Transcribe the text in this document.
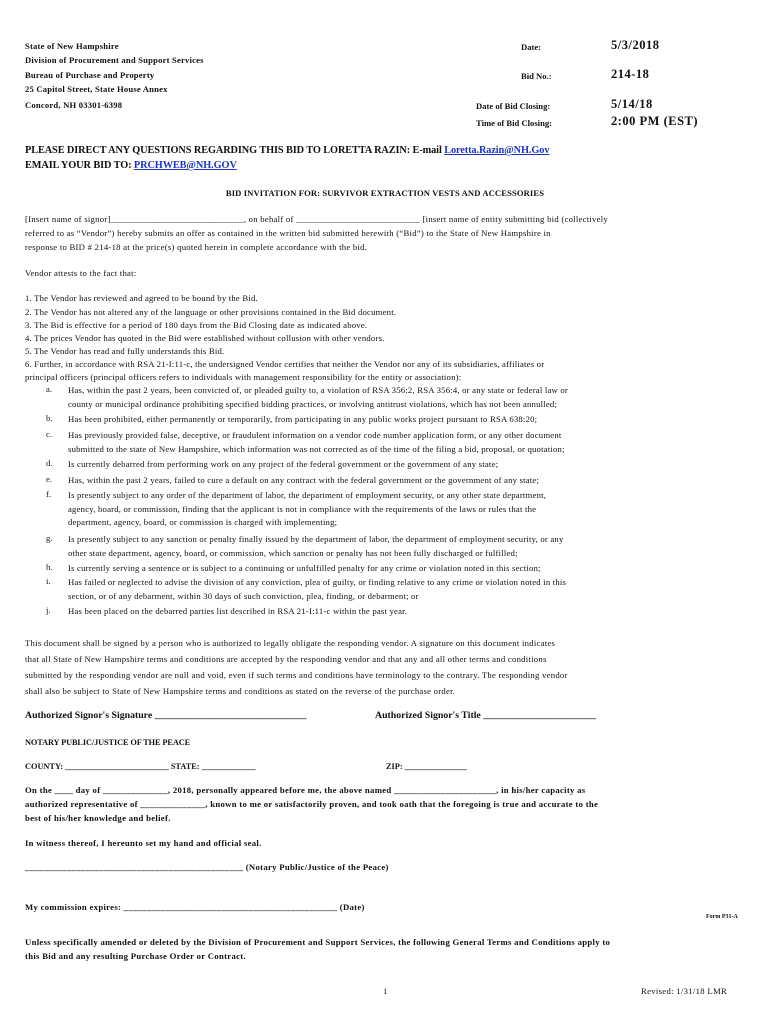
State of New Hampshire
Division of Procurement and Support Services
Bureau of Purchase and Property
25 Capitol Street, State House Annex
Concord, NH 03301-6398
Date:	5/3/2018
Bid No.:	214-18
Date of Bid Closing:	5/14/18
Time of Bid Closing:	2:00 PM (EST)
PLEASE DIRECT ANY QUESTIONS REGARDING THIS BID TO LORETTA RAZIN: E-mail Loretta.Razin@NH.Gov
EMAIL YOUR BID TO: PRCHWEB@NH.GOV
BID INVITATION FOR: SURVIVOR EXTRACTION VESTS AND ACCESSORIES
[Insert name of signor]_____________________________, on behalf of ___________________________ [insert name of entity submitting bid (collectively
referred to as “Vendor”) hereby submits an offer as contained in the written bid submitted herewith (“Bid”) to the State of New Hampshire in
response to BID # 214-18 at the price(s) quoted herein in complete accordance with the bid.
Vendor attests to the fact that:
1. The Vendor has reviewed and agreed to be bound by the Bid.
2. The Vendor has not altered any of the language or other provisions contained in the Bid document.
3. The Bid is effective for a period of 180 days from the Bid Closing date as indicated above.
4. The prices Vendor has quoted in the Bid were established without collusion with other vendors.
5. The Vendor has read and fully understands this Bid.
6. Further, in accordance with RSA 21-I:11-c, the undersigned Vendor certifies that neither the Vendor nor any of its subsidiaries, affiliates or
principal officers (principal officers refers to individuals with management responsibility for the entity or association):
a.	Has, within the past 2 years, been convicted of, or pleaded guilty to, a violation of RSA 356:2, RSA 356:4, or any state or federal law or
county or municipal ordinance prohibiting specified bidding practices, or involving antitrust violations, which has not been annulled;
b.	Has been prohibited, either permanently or temporarily, from participating in any public works project pursuant to RSA 638:20;
c.	Has previously provided false, deceptive, or fraudulent information on a vendor code number application form, or any other document
submitted to the state of New Hampshire, which information was not corrected as of the time of the filing a bid, proposal, or quotation;
d.	Is currently debarred from performing work on any project of the federal government or the government of any state;
e.	Has, within the past 2 years, failed to cure a default on any contract with the federal government or the government of any state;
f.	Is presently subject to any order of the department of labor, the department of employment security, or any other state department,
agency, board, or commission, finding that the applicant is not in compliance with the requirements of the laws or rules that the
department, agency, board, or commission is charged with implementing;
g.	Is presently subject to any sanction or penalty finally issued by the department of labor, the department of employment security, or any
other state department, agency, board, or commission, which sanction or penalty has not been fully discharged or fulfilled;
h.	Is currently serving a sentence or is subject to a continuing or unfulfilled penalty for any crime or violation noted in this section;
i.	Has failed or neglected to advise the division of any conviction, plea of guilty, or finding relative to any crime or violation noted in this
section, or of any debarment, within 30 days of such conviction, plea, finding, or debarment; or
j.	Has been placed on the debarred parties list described in RSA 21-I:11-c within the past year.
This document shall be signed by a person who is authorized to legally obligate the responding vendor. A signature on this document indicates
that all State of New Hampshire terms and conditions are accepted by the responding vendor and that any and all other terms and conditions
submitted by the responding vendor are null and void, even if such terms and conditions have terminology to the contrary. The responding vendor
shall also be subject to State of New Hampshire terms and conditions as stated on the reverse of the purchase order.
Authorized Signor's Signature _______________________________	Authorized Signor's Title _______________________
NOTARY PUBLIC/JUSTICE OF THE PEACE
COUNTY: _________________________ STATE: _____________	ZIP: _______________
On the ____ day of ______________, 2018, personally appeared before me, the above named ______________________, in his/her capacity as
authorized representative of ______________, known to me or satisfactorily proven, and took oath that the foregoing is true and accurate to the
best of his/her knowledge and belief.
In witness thereof, I hereunto set my hand and official seal.
_______________________________________________ (Notary Public/Justice of the Peace)
My commission expires: ______________________________________________ (Date)
Form P31-A
Unless specifically amended or deleted by the Division of Procurement and Support Services, the following General Terms and Conditions apply to
this Bid and any resulting Purchase Order or Contract.
1	Revised: 1/31/18 LMR
